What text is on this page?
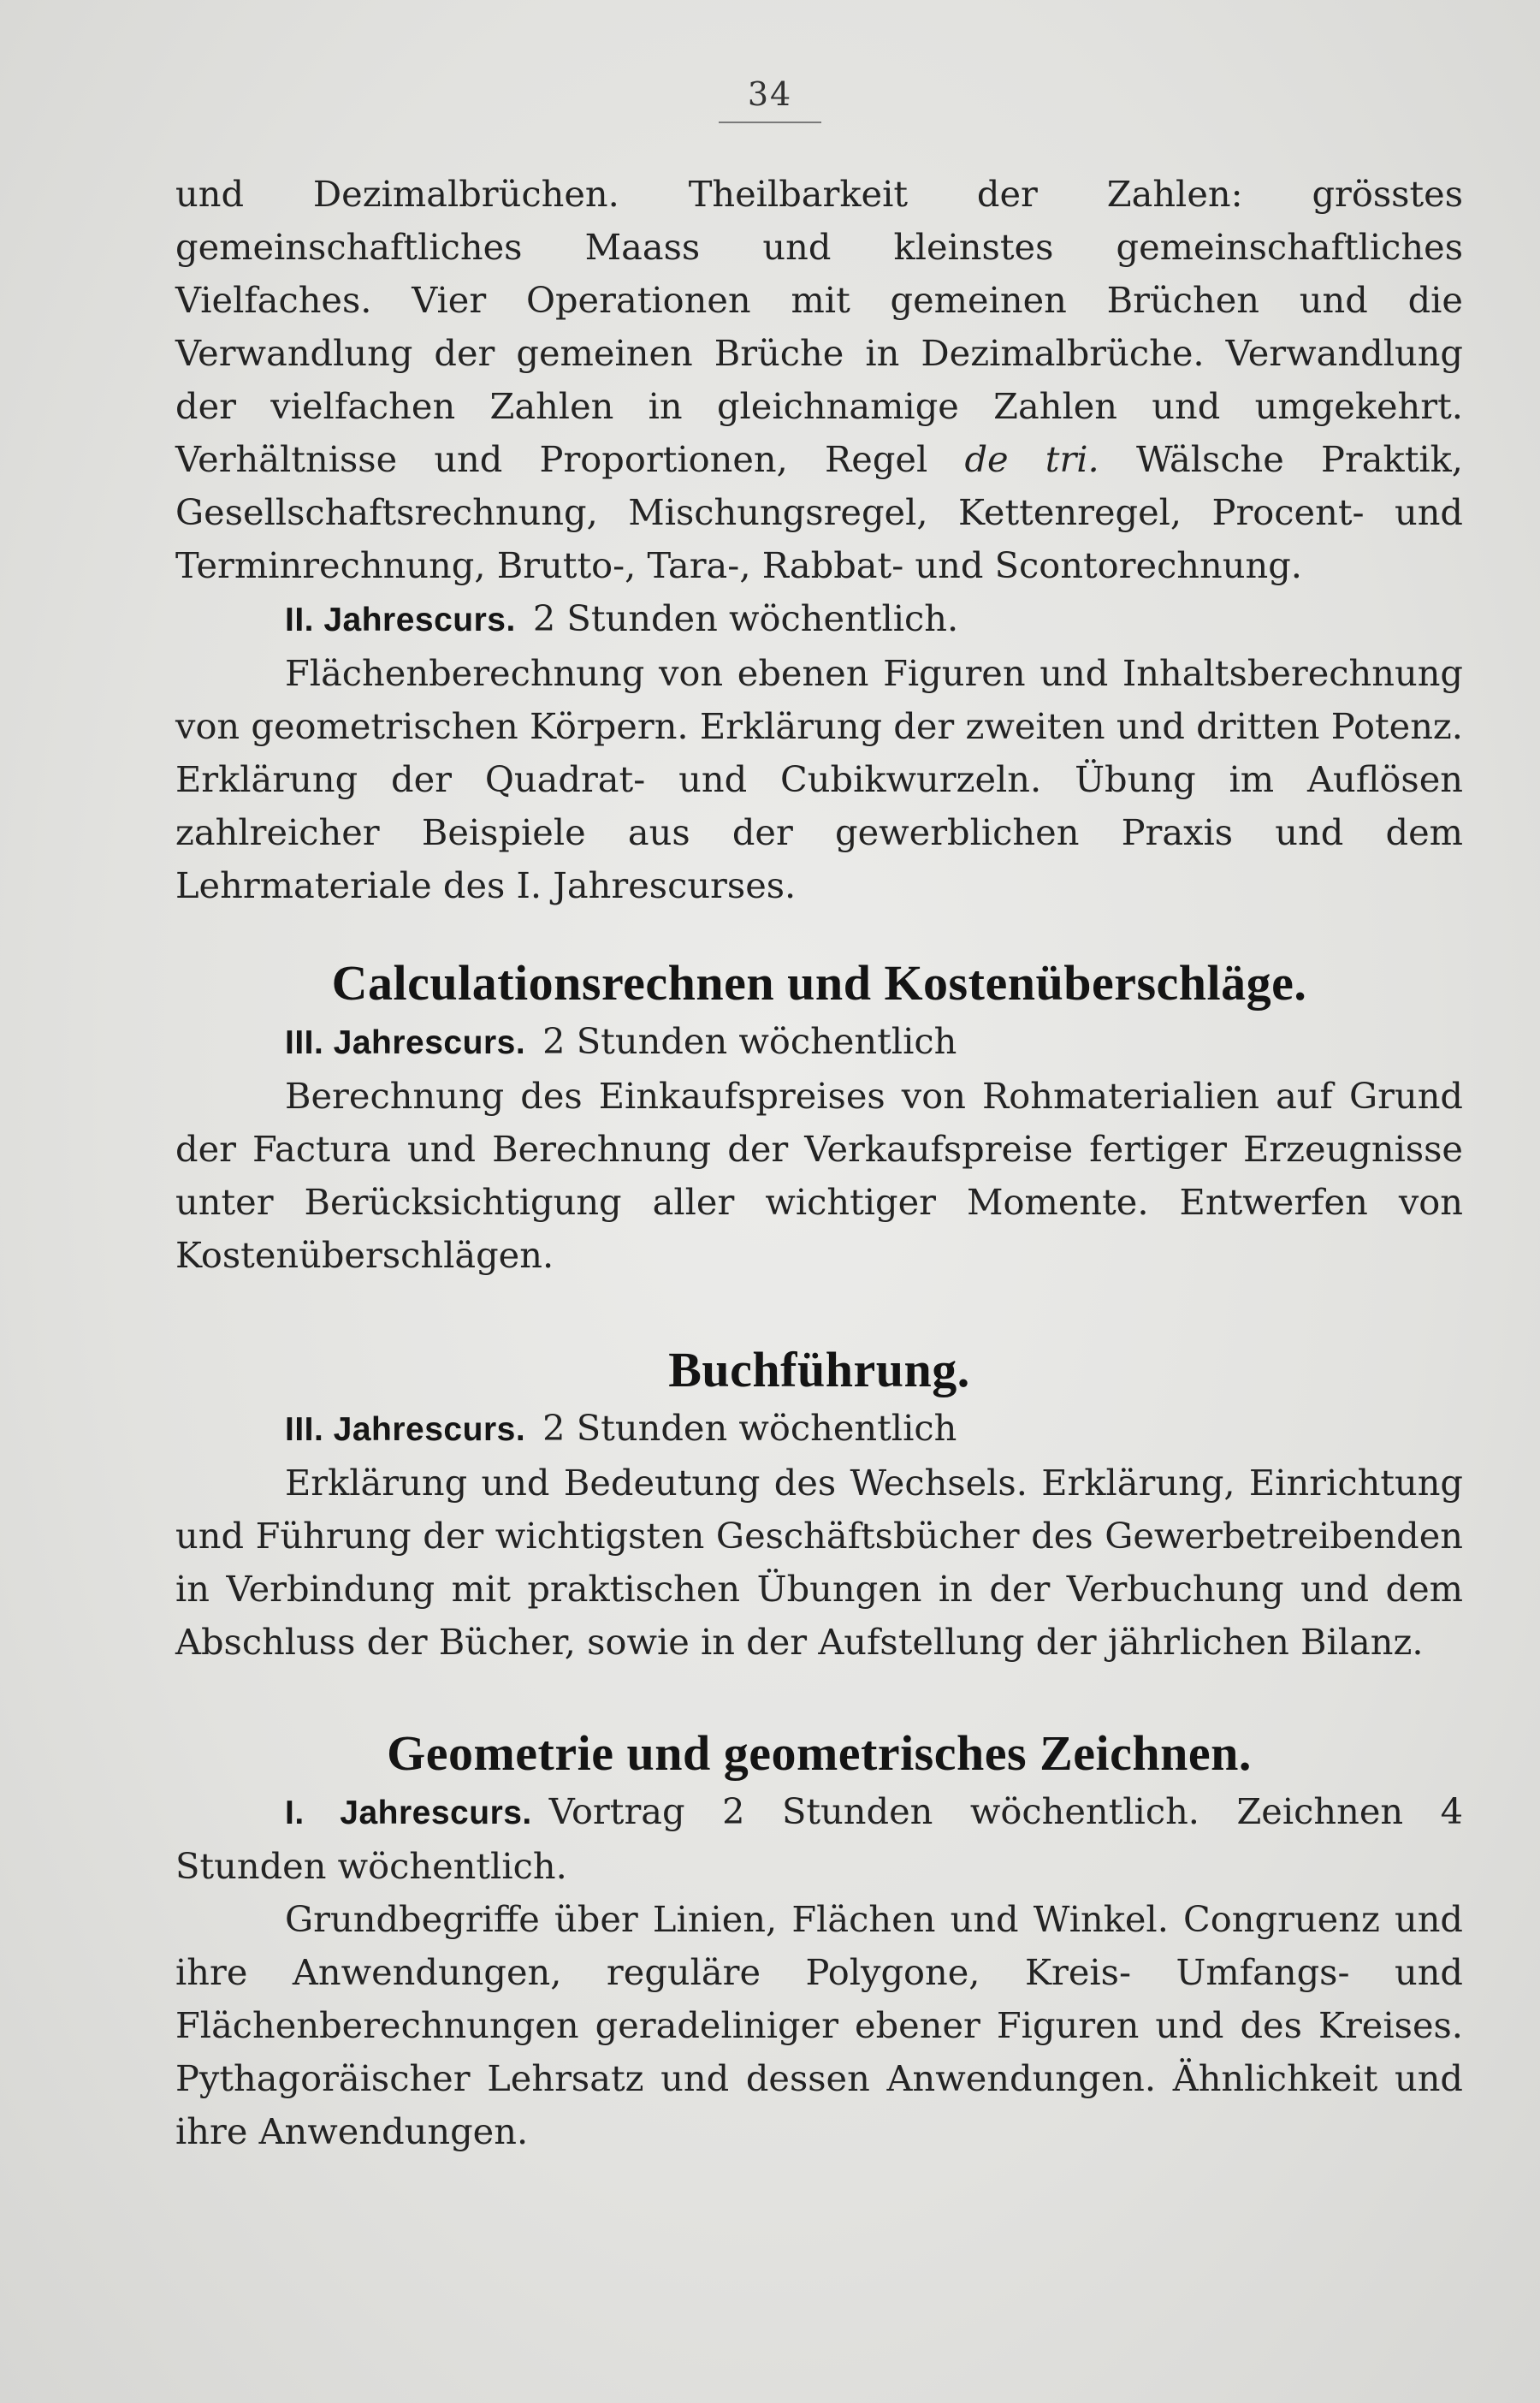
34

und Dezimalbrüchen. Theilbarkeit der Zahlen: grösstes gemeinschaftliches Maass und kleinstes gemeinschaftliches Vielfaches. Vier Operationen mit gemeinen Brüchen und die Verwandlung der gemeinen Brüche in Dezimalbrüche. Verwandlung der vielfachen Zahlen in gleichnamige Zahlen und umgekehrt. Verhältnisse und Proportionen, Regel de tri. Wälsche Praktik, Gesellschaftsrechnung, Mischungsregel, Kettenregel, Procent- und Terminrechnung, Brutto-, Tara-, Rabbat- und Scontorechnung.

II. Jahrescurs. 2 Stunden wöchentlich.

Flächenberechnung von ebenen Figuren und Inhaltsberechnung von geometrischen Körpern. Erklärung der zweiten und dritten Potenz. Erklärung der Quadrat- und Cubikwurzeln. Übung im Auflösen zahlreicher Beispiele aus der gewerblichen Praxis und dem Lehrmateriale des I. Jahrescurses.

Calculationsrechnen und Kostenüberschläge.

III. Jahrescurs. 2 Stunden wöchentlich

Berechnung des Einkaufspreises von Rohmaterialien auf Grund der Factura und Berechnung der Verkaufspreise fertiger Erzeugnisse unter Berücksichtigung aller wichtiger Momente. Entwerfen von Kostenüberschlägen.

Buchführung.

III. Jahrescurs. 2 Stunden wöchentlich

Erklärung und Bedeutung des Wechsels. Erklärung, Einrichtung und Führung der wichtigsten Geschäftsbücher des Gewerbetreibenden in Verbindung mit praktischen Übungen in der Verbuchung und dem Abschluss der Bücher, sowie in der Aufstellung der jährlichen Bilanz.

Geometrie und geometrisches Zeichnen.

I. Jahrescurs. Vortrag 2 Stunden wöchentlich. Zeichnen 4 Stunden wöchentlich.

Grundbegriffe über Linien, Flächen und Winkel. Congruenz und ihre Anwendungen, reguläre Polygone, Kreis- Umfangs- und Flächenberechnungen geradeliniger ebener Figuren und des Kreises. Pythagoräischer Lehrsatz und dessen Anwendungen. Ähnlichkeit und ihre Anwendungen.
